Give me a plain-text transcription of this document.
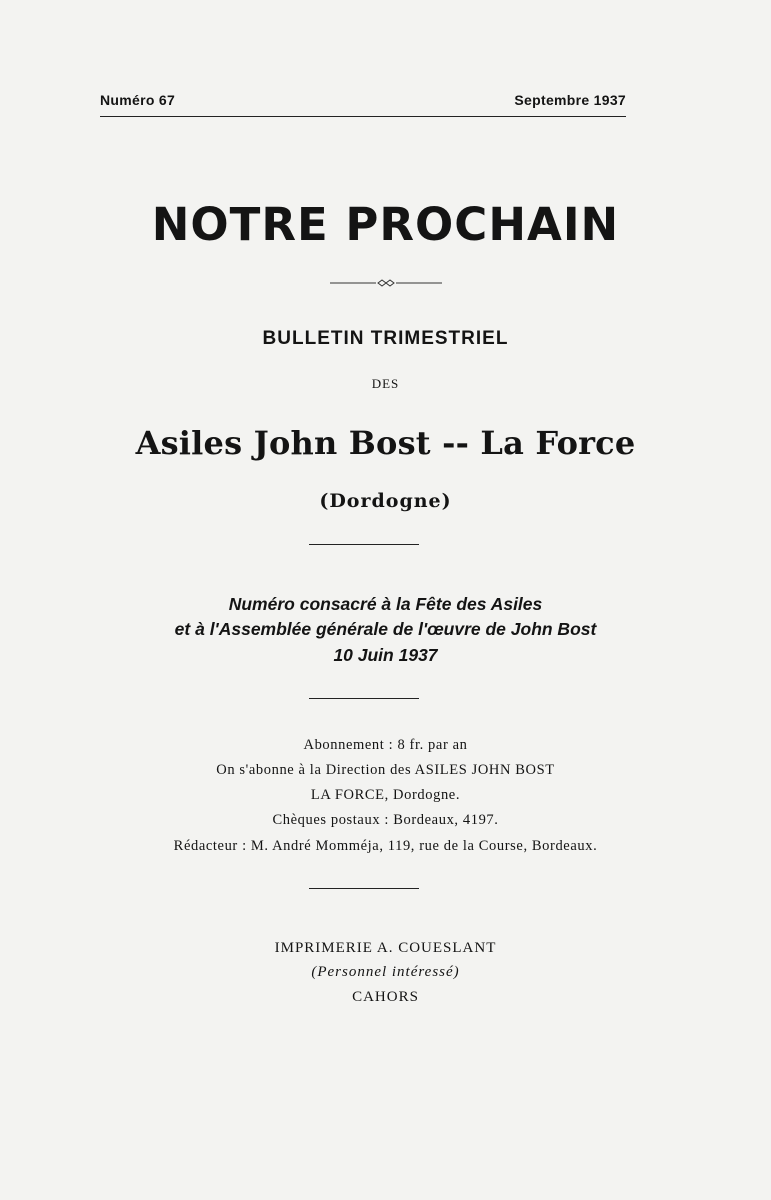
Numéro 67	Septembre 1937
NOTRE PROCHAIN
BULLETIN TRIMESTRIEL
DES
Asiles John Bost -- La Force
(Dordogne)
Numéro consacré à la Fête des Asiles
et à l'Assemblée générale de l'œuvre de John Bost
10 Juin 1937
Abonnement : 8 fr. par an
On s'abonne à la Direction des ASILES JOHN BOST
LA FORCE, Dordogne.
Chèques postaux : Bordeaux, 4197.
Rédacteur : M. André Momméja, 119, rue de la Course, Bordeaux.
IMPRIMERIE A. COUESLANT
(Personnel intéressé)
CAHORS
